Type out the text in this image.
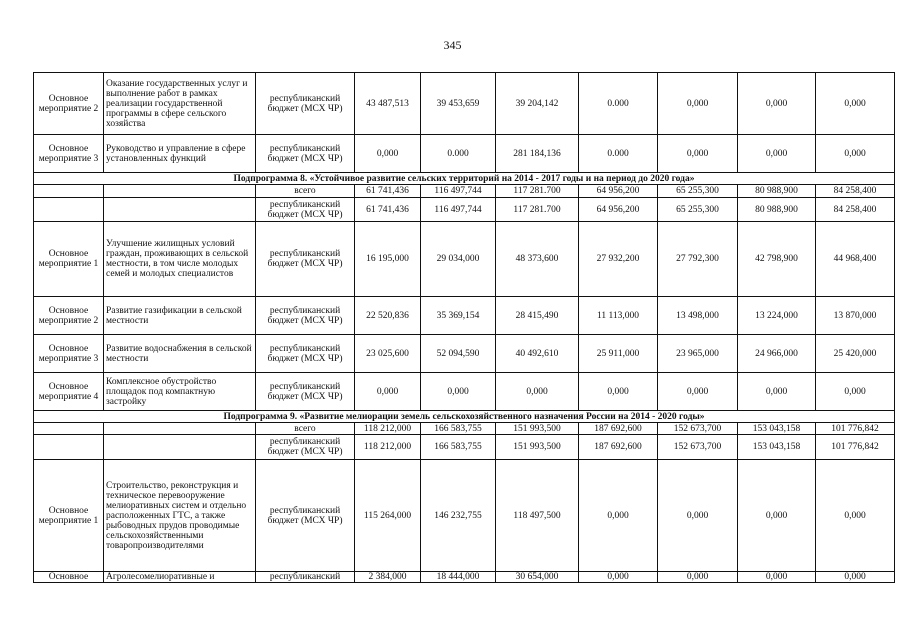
345
Основное мероприятие 2	Оказание государственных услуг и выполнение работ в рамках реализации государственной программы в сфере сельского хозяйства	республиканский бюджет (МСХ ЧР)	43 487,513	39 453,659	39 204,142	0.000	0,000	0,000	0,000
Основное мероприятие 3	Руководство и управление в сфере установленных функций	республиканский бюджет (МСХ ЧР)	0,000	0.000	281 184,136	0.000	0,000	0,000	0,000
Подпрограмма 8. «Устойчивое развитие сельских территорий на 2014 - 2017 годы и на период до 2020 года»									
		всего	61 741,436	116 497,744	117 281.700	64 956,200	65 255,300	80 988,900	84 258,400
		республиканский бюджет (МСХ ЧР)	61 741,436	116 497,744	117 281.700	64 956,200	65 255,300	80 988,900	84 258,400
Основное мероприятие 1	Улучшение жилищных условий граждан, проживающих в сельской местности, в том числе молодых семей и молодых специалистов	республиканский бюджет (МСХ ЧР)	16 195,000	29 034,000	48 373,600	27 932,200	27 792,300	42 798,900	44 968,400
Основное мероприятие 2	Развитие газификации в сельской местности	республиканский бюджет (МСХ ЧР)	22 520,836	35 369,154	28 415,490	11 113,000	13 498,000	13 224,000	13 870,000
Основное мероприятие 3	Развитие водоснабжения в сельской местности	республиканский бюджет (МСХ ЧР)	23 025,600	52 094,590	40 492,610	25 911,000	23 965,000	24 966,000	25 420,000
Основное мероприятие 4	Комплексное обустройство площадок под компактную застройку	республиканский бюджет (МСХ ЧР)	0,000	0,000	0,000	0,000	0,000	0,000	0,000
Подпрограмма 9. «Развитие мелиорации земель сельскохозяйственного назначения России на 2014 - 2020 годы»									
		всего	118 212,000	166 583,755	151 993,500	187 692,600	152 673,700	153 043,158	101 776,842
		республиканский бюджет (МСХ ЧР)	118 212,000	166 583,755	151 993,500	187 692,600	152 673,700	153 043,158	101 776,842
Основное мероприятие 1	Строительство, реконструкция и техническое перевооружение мелиоративных систем и отдельно расположенных ГТС, а также рыбоводных прудов проводимые сельскохозяйственными товаропроизводителями	республиканский бюджет (МСХ ЧР)	115 264,000	146 232,755	118 497,500	0,000	0,000	0,000	0,000
Основное	Агролесомелиоративные и	республиканский	2 384,000	18 444,000	30 654,000	0,000	0,000	0,000	0,000
